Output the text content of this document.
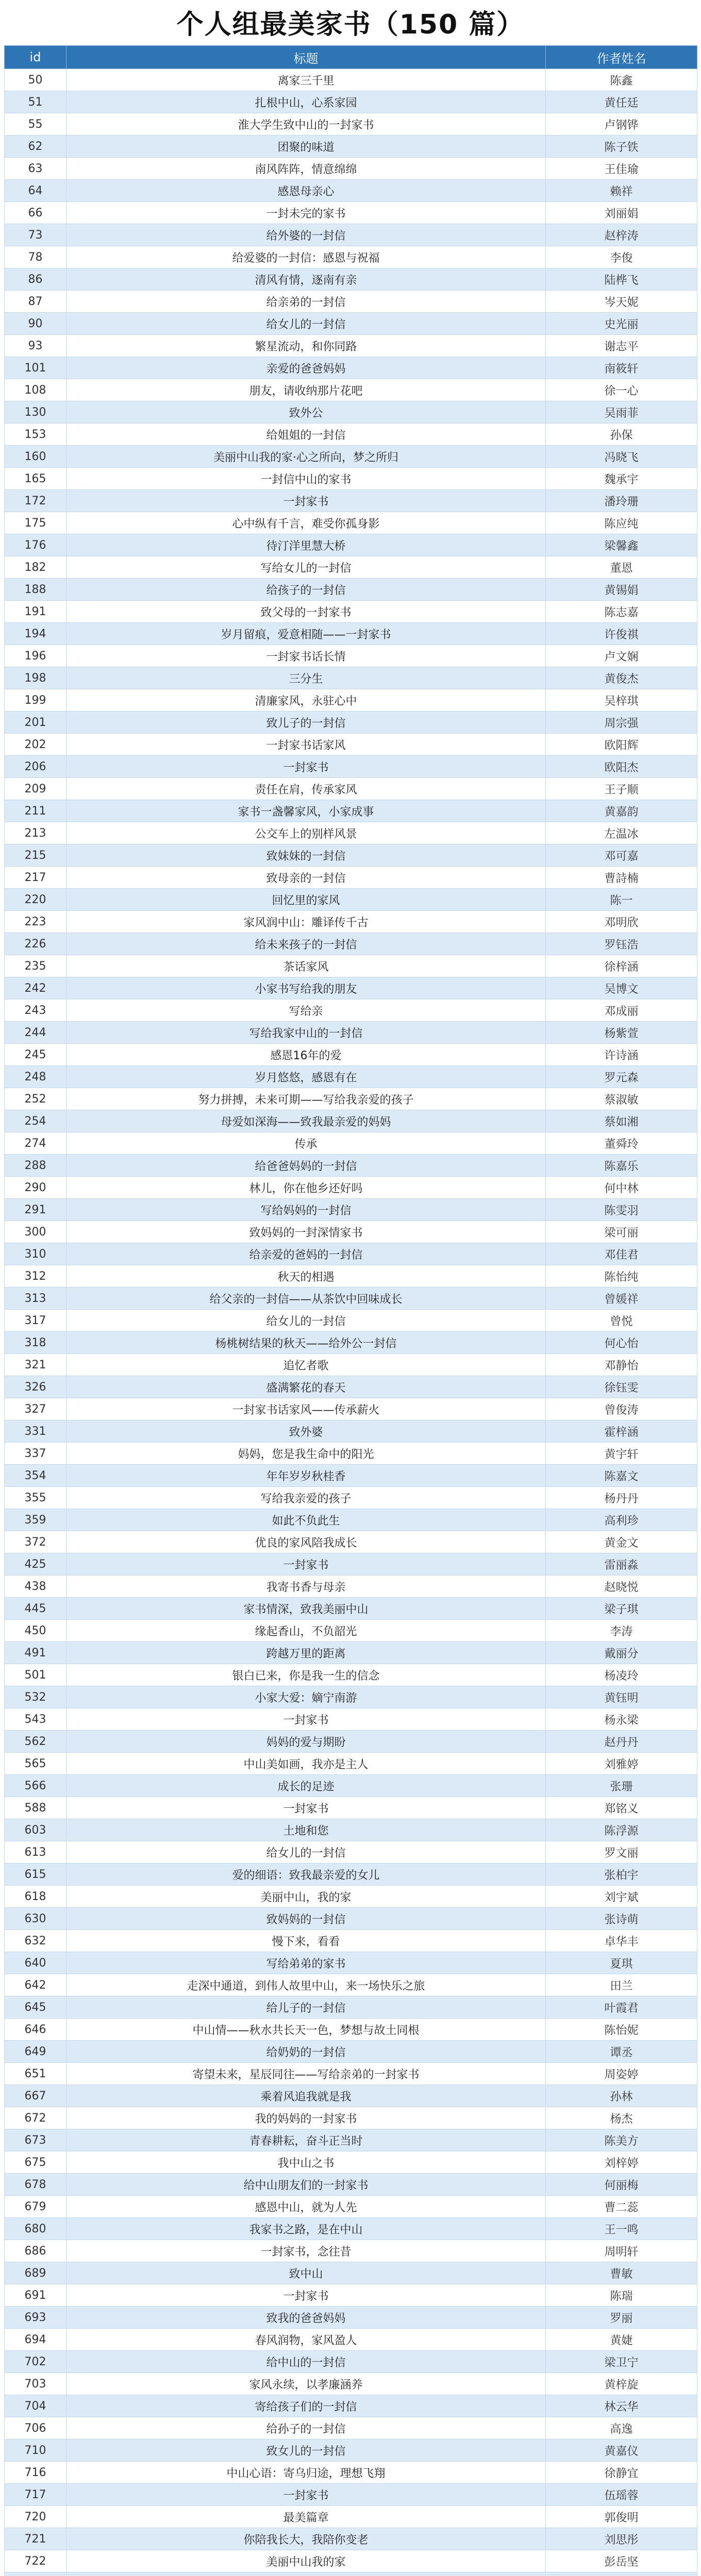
个人组最美家书（150 篇）
id	标题	作者姓名
50	离家三千里	陈鑫
51	扎根中山，心系家园	黄任廷
55	淮大学生致中山的一封家书	卢钢铧
62	团聚的味道	陈子铁
63	南风阵阵，情意绵绵	王佳瑜
64	感恩母亲心	赖祥
66	一封未完的家书	刘丽娟
73	给外婆的一封信	赵梓涛
78	给爱婆的一封信：感恩与祝福	李俊
86	清风有情，逐南有亲	陆桦飞
87	给亲弟的一封信	岑天妮
90	给女儿的一封信	史光丽
93	繁星流动，和你同路	谢志平
101	亲爱的爸爸妈妈	南筱轩
108	朋友，请收纳那片花吧	徐一心
130	致外公	吴雨菲
153	给姐姐的一封信	孙保
160	美丽中山我的家·心之所向，梦之所归	冯晓飞
165	一封信中山的家书	魏承宇
172	一封家书	潘玲珊
175	心中纵有千言，难受你孤身影	陈应纯
176	待汀洋里慧大桥	梁馨鑫
182	写给女儿的一封信	董恩
188	给孩子的一封信	黄锡娟
191	致父母的一封家书	陈志嘉
194	岁月留痕，爱意相随——一封家书	许俊祺
196	一封家书话长情	卢文娴
198	三分生	黄俊杰
199	清廉家风，永驻心中	吴梓琪
201	致儿子的一封信	周宗强
202	一封家书话家风	欧阳辉
206	一封家书	欧阳杰
209	责任在肩，传承家风	王子顺
211	家书一盏馨家风，小家成事	黄嘉韵
213	公交车上的别样风景	左温冰
215	致妹妹的一封信	邓可嘉
217	致母亲的一封信	曹詩楠
220	回忆里的家风	陈一
223	家风润中山：雕译传千古	邓明欣
226	给未来孩子的一封信	罗钰浩
235	茶话家风	徐梓涵
242	小家书写给我的朋友	吴博文
243	写给亲	邓成丽
244	写给我家中山的一封信	杨紫萱
245	感恩16年的爱	许诗涵
248	岁月悠悠，感恩有在	罗元森
252	努力拼搏，未来可期——写给我亲爱的孩子	蔡淑敏
254	母爱如深海——致我最亲爱的妈妈	蔡如湘
274	传承	董舜玲
288	给爸爸妈妈的一封信	陈嘉乐
290	林儿，你在他乡还好吗	何中林
291	写给妈妈的一封信	陈雯羽
300	致妈妈的一封深情家书	梁可丽
310	给亲爱的爸妈的一封信	邓佳君
312	秋天的相遇	陈怡纯
313	给父亲的一封信——从茶饮中回味成长	曾媛祥
317	给女儿的一封信	曾悦
318	杨桃树结果的秋天——给外公一封信	何心怡
321	追忆者歌	邓静怡
326	盛满繁花的春天	徐钰雯
327	一封家书话家风——传承薪火	曾俊涛
331	致外婆	霍梓涵
337	妈妈，您是我生命中的阳光	黄宇轩
354	年年岁岁秋桂香	陈嘉文
355	写给我亲爱的孩子	杨丹丹
359	如此不负此生	高利珍
372	优良的家风陪我成长	黄金文
425	一封家书	雷丽淼
438	我寄书香与母亲	赵晓悦
445	家书情深，致我美丽中山	梁子琪
450	缘起香山，不负韶光	李涛
491	跨越万里的距离	戴丽分
501	银白已来，你是我一生的信念	杨凌玲
532	小家大爱：嫡宁南游	黄钰明
543	一封家书	杨永梁
562	妈妈的爱与期盼	赵丹丹
565	中山美如画，我亦是主人	刘雅婷
566	成长的足迹	张珊
588	一封家书	郑铭义
603	土地和您	陈浮源
613	给女儿的一封信	罗文丽
615	爱的细语：致我最亲爱的女儿	张柏宇
618	美丽中山，我的家	刘宇斌
630	致妈妈的一封信	张诗萌
632	慢下来，看看	卓华丰
640	写给弟弟的家书	夏琪
642	走深中通道，到伟人故里中山，来一场快乐之旅	田兰
645	给儿子的一封信	叶霞君
646	中山情——秋水共长天一色，梦想与故土同根	陈怡妮
649	给奶奶的一封信	谭丞
651	寄望未来，星辰同往——写给亲弟的一封家书	周姿婷
667	乘着风追我就是我	孙林
672	我的妈妈的一封家书	杨杰
673	青春耕耘，奋斗正当时	陈美方
675	我中山之书	刘梓婷
678	给中山朋友们的一封家书	何丽梅
679	感恩中山，就为人先	曹二蕊
680	我家书之路，是在中山	王一鸣
686	一封家书，念往昔	周明轩
689	致中山	曹敏
691	一封家书	陈瑞
693	致我的爸爸妈妈	罗丽
694	春风润物，家风盈人	黄婕
702	给中山的一封信	梁卫宁
703	家风永续，以孝廉涵养	黄梓旋
704	寄给孩子们的一封信	林云华
706	给孙子的一封信	高逸
710	致女儿的一封信	黄嘉仪
716	中山心语：寄乌归途，理想飞翔	徐静宜
717	一封家书	伍瑶蓉
720	最美篇章	郭俊明
721	你陪我长大，我陪你变老	刘思彤
722	美丽中山我的家	彭岳坚
